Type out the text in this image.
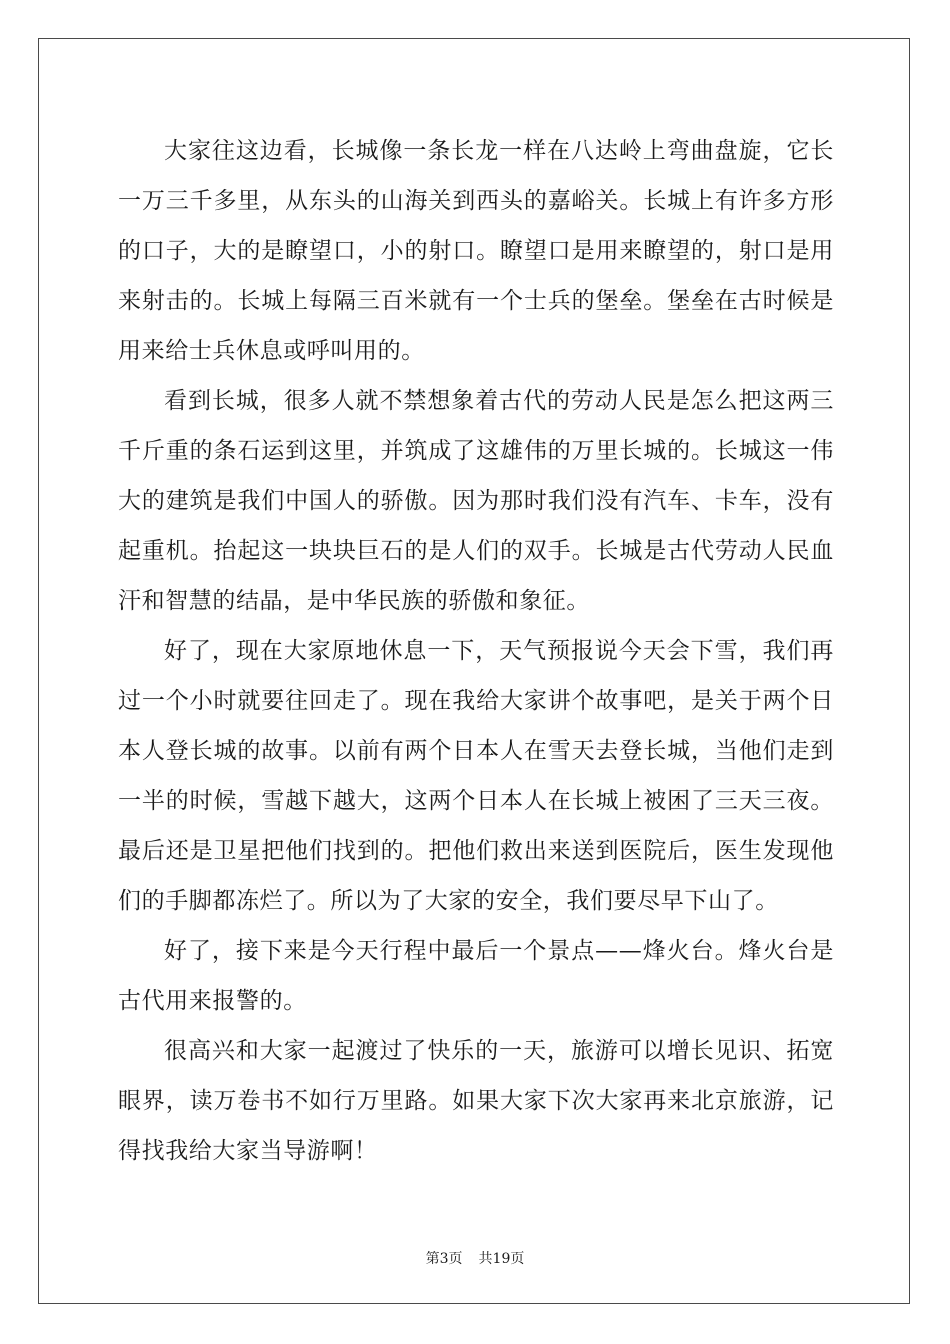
大家往这边看，长城像一条长龙一样在八达岭上弯曲盘旋，它长一万三千多里，从东头的山海关到西头的嘉峪关。长城上有许多方形的口子，大的是瞭望口，小的射口。瞭望口是用来瞭望的，射口是用来射击的。长城上每隔三百米就有一个士兵的堡垒。堡垒在古时候是用来给士兵休息或呼叫用的。

看到长城，很多人就不禁想象着古代的劳动人民是怎么把这两三千斤重的条石运到这里，并筑成了这雄伟的万里长城的。长城这一伟大的建筑是我们中国人的骄傲。因为那时我们没有汽车、卡车，没有起重机。抬起这一块块巨石的是人们的双手。长城是古代劳动人民血汗和智慧的结晶，是中华民族的骄傲和象征。

好了，现在大家原地休息一下，天气预报说今天会下雪，我们再过一个小时就要往回走了。现在我给大家讲个故事吧，是关于两个日本人登长城的故事。以前有两个日本人在雪天去登长城，当他们走到一半的时候，雪越下越大，这两个日本人在长城上被困了三天三夜。最后还是卫星把他们找到的。把他们救出来送到医院后，医生发现他们的手脚都冻烂了。所以为了大家的安全，我们要尽早下山了。

好了，接下来是今天行程中最后一个景点——烽火台。烽火台是古代用来报警的。

很高兴和大家一起渡过了快乐的一天，旅游可以增长见识、拓宽眼界，读万卷书不如行万里路。如果大家下次大家再来北京旅游，记得找我给大家当导游啊！

第3页 共19页
